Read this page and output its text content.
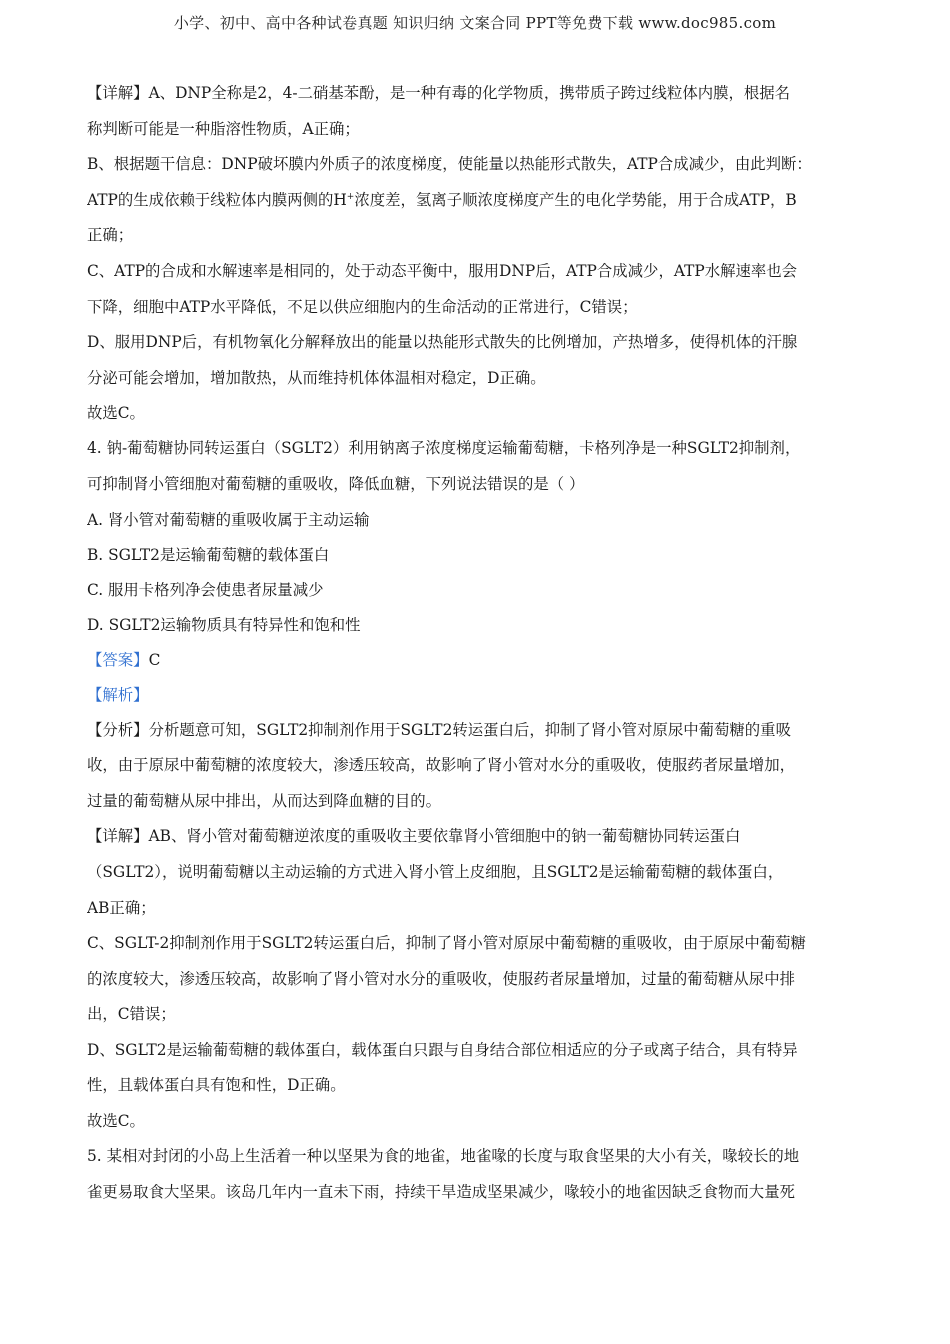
小学、初中、高中各种试卷真题 知识归纳 文案合同 PPT等免费下载 www.doc985.com
【详解】A、DNP全称是2，4-二硝基苯酚，是一种有毒的化学物质，携带质子跨过线粒体内膜，根据名
称判断可能是一种脂溶性物质，A正确；
B、根据题干信息：DNP破坏膜内外质子的浓度梯度，使能量以热能形式散失，ATP合成减少，由此判断：
ATP的生成依赖于线粒体内膜两侧的H+浓度差，氢离子顺浓度梯度产生的电化学势能，用于合成ATP，B
正确；
C、ATP的合成和水解速率是相同的，处于动态平衡中，服用DNP后，ATP合成减少，ATP水解速率也会
下降，细胞中ATP水平降低，不足以供应细胞内的生命活动的正常进行，C错误；
D、服用DNP后，有机物氧化分解释放出的能量以热能形式散失的比例增加，产热增多，使得机体的汗腺
分泌可能会增加，增加散热，从而维持机体体温相对稳定，D正确。
故选C。
4. 钠-葡萄糖协同转运蛋白（SGLT2）利用钠离子浓度梯度运输葡萄糖，卡格列净是一种SGLT2抑制剂，
可抑制肾小管细胞对葡萄糖的重吸收，降低血糖，下列说法错误的是（ ）
A. 肾小管对葡萄糖的重吸收属于主动运输
B. SGLT2是运输葡萄糖的载体蛋白
C. 服用卡格列净会使患者尿量减少
D. SGLT2运输物质具有特异性和饱和性
【答案】C
【解析】
【分析】分析题意可知，SGLT2抑制剂作用于SGLT2转运蛋白后，抑制了肾小管对原尿中葡萄糖的重吸
收，由于原尿中葡萄糖的浓度较大，渗透压较高，故影响了肾小管对水分的重吸收，使服药者尿量增加，
过量的葡萄糖从尿中排出，从而达到降血糖的目的。
【详解】AB、肾小管对葡萄糖逆浓度的重吸收主要依靠肾小管细胞中的钠一葡萄糖协同转运蛋白
（SGLT2），说明葡萄糖以主动运输的方式进入肾小管上皮细胞，且SGLT2是运输葡萄糖的载体蛋白，
AB正确；
C、SGLT-2抑制剂作用于SGLT2转运蛋白后，抑制了肾小管对原尿中葡萄糖的重吸收，由于原尿中葡萄糖
的浓度较大，渗透压较高，故影响了肾小管对水分的重吸收，使服药者尿量增加，过量的葡萄糖从尿中排
出，C错误；
D、SGLT2是运输葡萄糖的载体蛋白，载体蛋白只跟与自身结合部位相适应的分子或离子结合，具有特异
性，且载体蛋白具有饱和性，D正确。
故选C。
5. 某相对封闭的小岛上生活着一种以坚果为食的地雀，地雀喙的长度与取食坚果的大小有关，喙较长的地
雀更易取食大坚果。该岛几年内一直未下雨，持续干旱造成坚果减少，喙较小的地雀因缺乏食物而大量死
